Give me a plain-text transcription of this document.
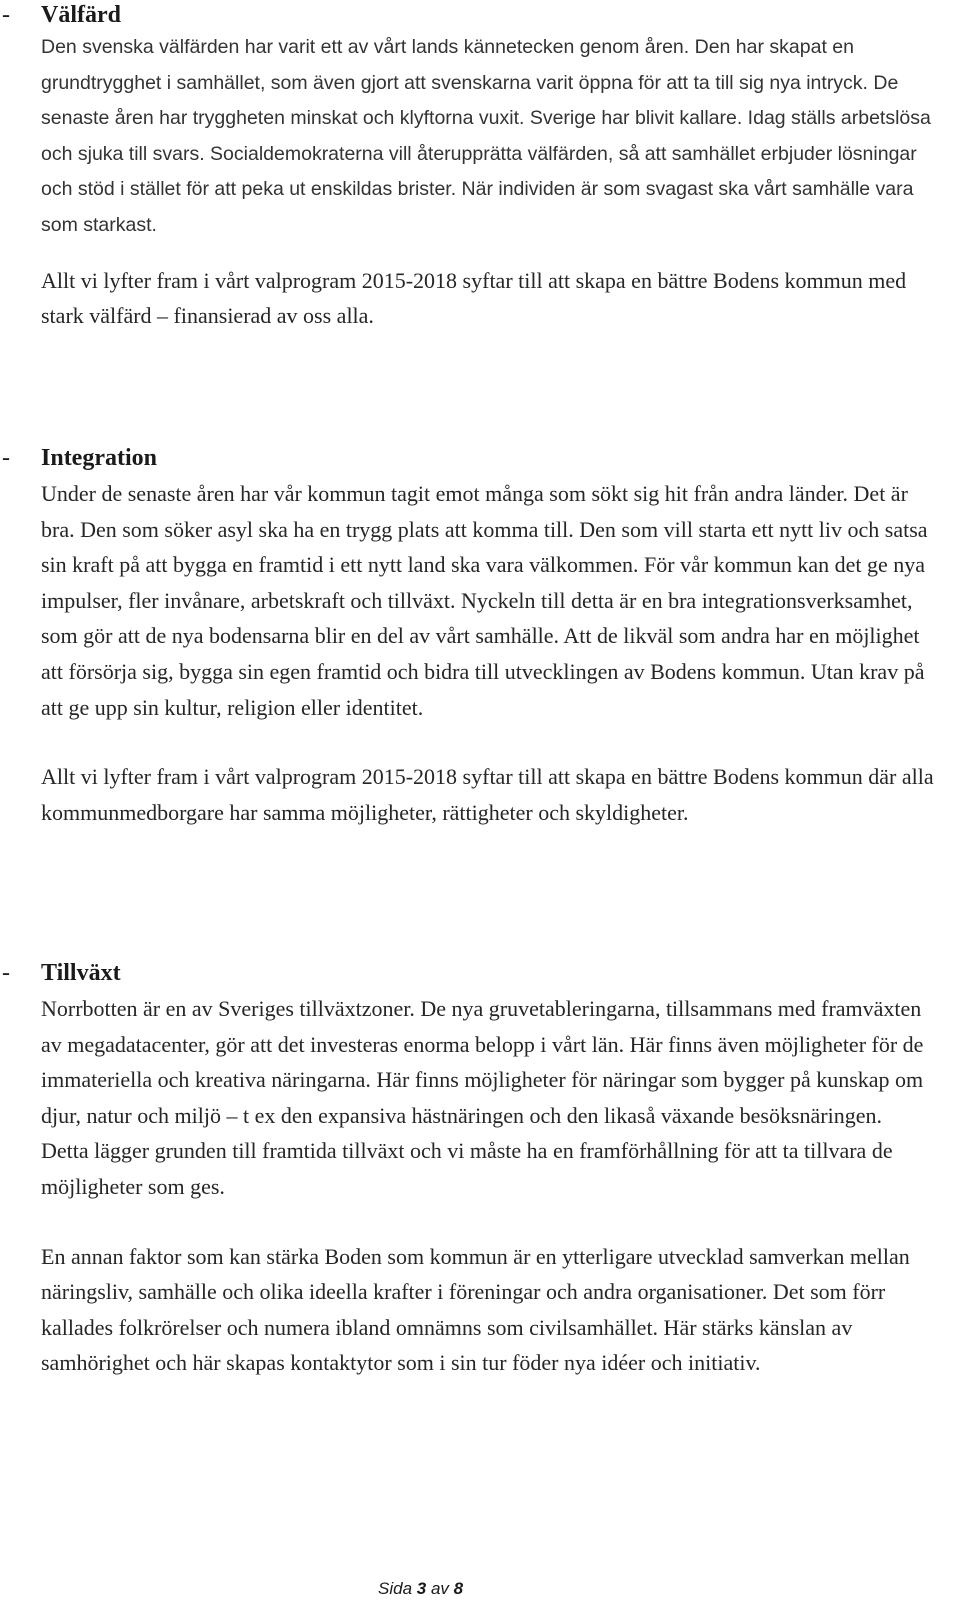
- Välfärd

Den svenska välfärden har varit ett av vårt lands kännetecken genom åren. Den har skapat en grundtrygghet i samhället, som även gjort att svenskarna varit öppna för att ta till sig nya intryck. De senaste åren har tryggheten minskat och klyftorna vuxit. Sverige har blivit kallare. Idag ställs arbetslösa och sjuka till svars. Socialdemokraterna vill återupprätta välfärden, så att samhället erbjuder lösningar och stöd i stället för att peka ut enskildas brister. När individen är som svagast ska vårt samhälle vara som starkast.

Allt vi lyfter fram i vårt valprogram 2015-2018 syftar till att skapa en bättre Bodens kommun med stark välfärd – finansierad av oss alla.

- Integration

Under de senaste åren har vår kommun tagit emot många som sökt sig hit från andra länder. Det är bra. Den som söker asyl ska ha en trygg plats att komma till. Den som vill starta ett nytt liv och satsa sin kraft på att bygga en framtid i ett nytt land ska vara välkommen. För vår kommun kan det ge nya impulser, fler invånare, arbetskraft och tillväxt. Nyckeln till detta är en bra integrationsverksamhet, som gör att de nya bodensarna blir en del av vårt samhälle. Att de likväl som andra har en möjlighet att försörja sig, bygga sin egen framtid och bidra till utvecklingen av Bodens kommun. Utan krav på att ge upp sin kultur, religion eller identitet.

Allt vi lyfter fram i vårt valprogram 2015-2018 syftar till att skapa en bättre Bodens kommun där alla kommunmedborgare har samma möjligheter, rättigheter och skyldigheter.

- Tillväxt

Norrbotten är en av Sveriges tillväxtzoner. De nya gruvetableringarna, tillsammans med framväxten av megadatacenter, gör att det investeras enorma belopp i vårt län. Här finns även möjligheter för de immateriella och kreativa näringarna. Här finns möjligheter för näringar som bygger på kunskap om djur, natur och miljö – t ex den expansiva hästnäringen och den likaså växande besöksnäringen. Detta lägger grunden till framtida tillväxt och vi måste ha en framförhållning för att ta tillvara de möjligheter som ges.

En annan faktor som kan stärka Boden som kommun är en ytterligare utvecklad samverkan mellan näringsliv, samhälle och olika ideella krafter i föreningar och andra organisationer. Det som förr kallades folkrörelser och numera ibland omnämns som civilsamhället. Här stärks känslan av samhörighet och här skapas kontaktytor som i sin tur föder nya idéer och initiativ.

Sida 3 av 8
